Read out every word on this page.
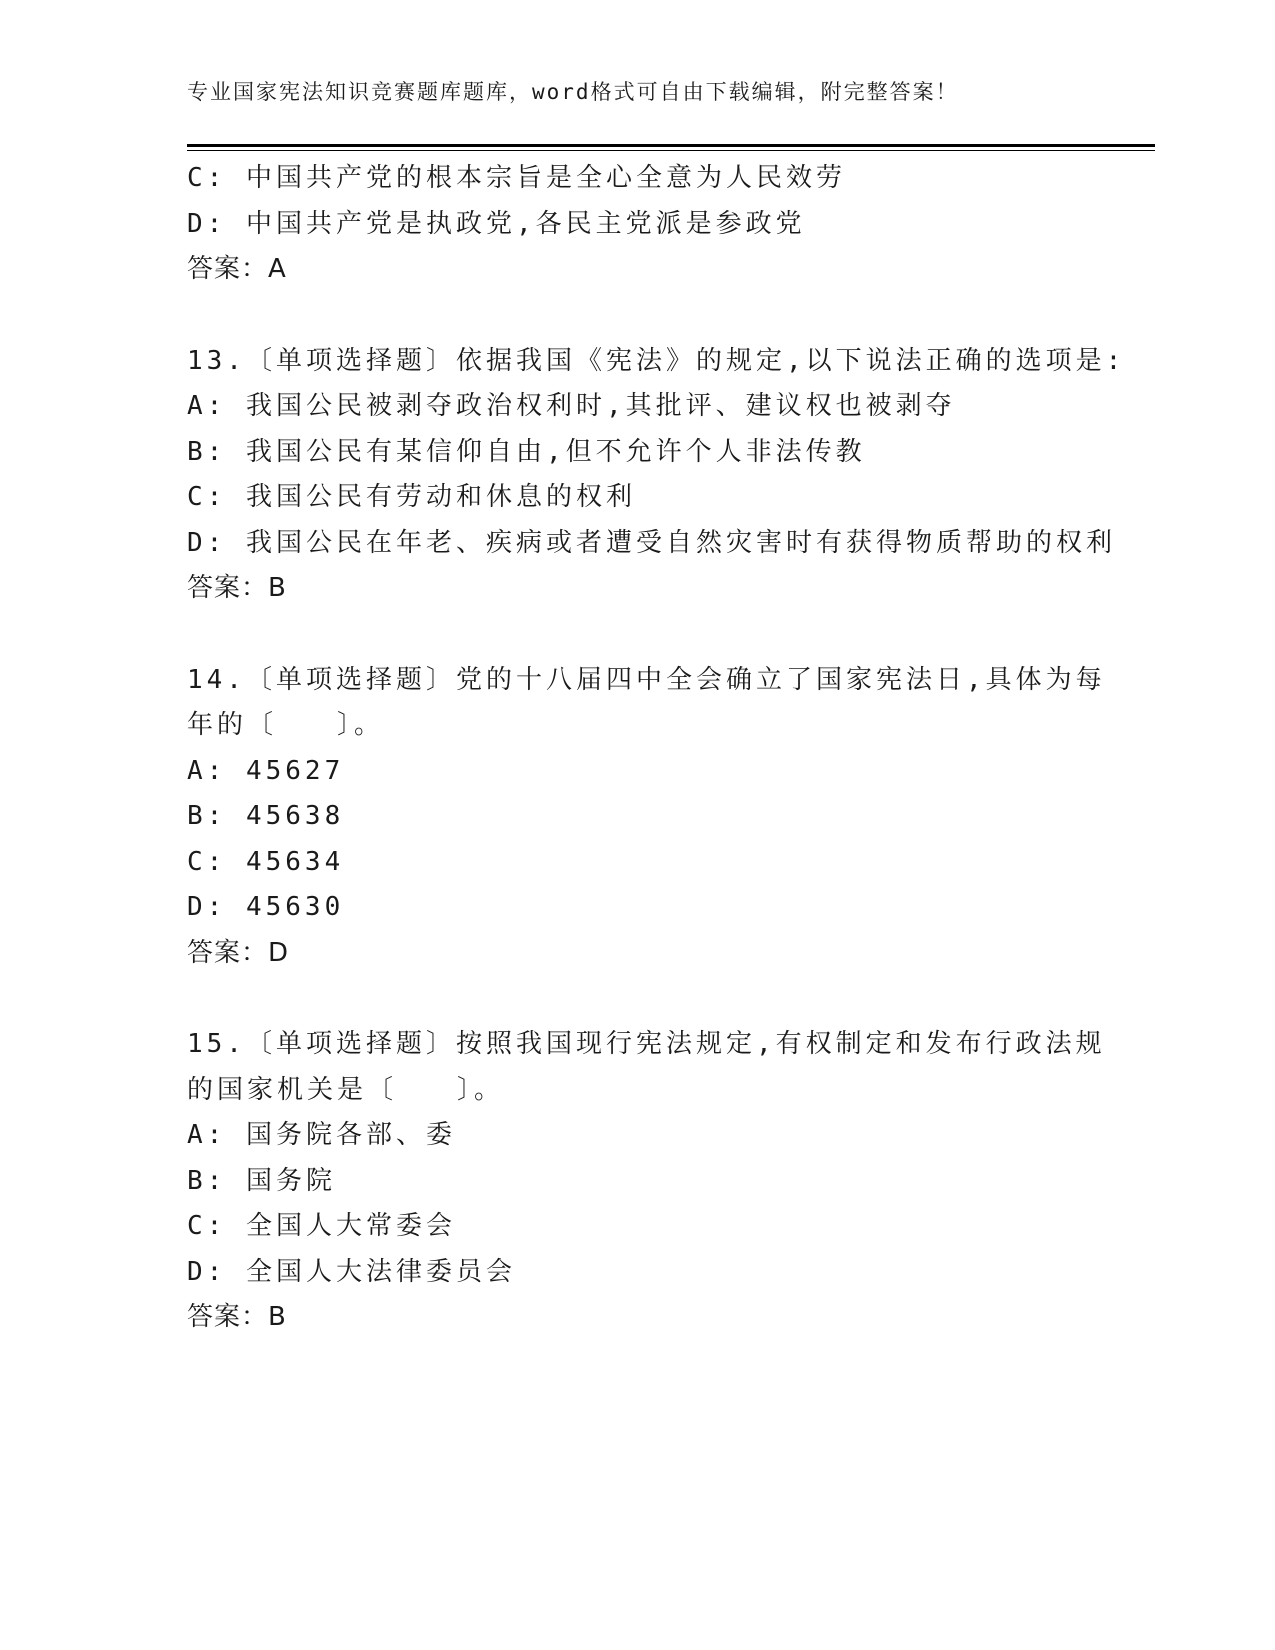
专业国家宪法知识竞赛题库题库，word格式可自由下载编辑，附完整答案！
C: 中国共产党的根本宗旨是全心全意为人民效劳
D: 中国共产党是执政党,各民主党派是参政党
答案：A
13.〔单项选择题〕依据我国《宪法》的规定,以下说法正确的选项是:
A: 我国公民被剥夺政治权利时,其批评、建议权也被剥夺
B: 我国公民有某信仰自由,但不允许个人非法传教
C: 我国公民有劳动和休息的权利
D: 我国公民在年老、疾病或者遭受自然灾害时有获得物质帮助的权利
答案：B
14.〔单项选择题〕党的十八届四中全会确立了国家宪法日,具体为每
年的〔　　〕。
A: 45627
B: 45638
C: 45634
D: 45630
答案：D
15.〔单项选择题〕按照我国现行宪法规定,有权制定和发布行政法规
的国家机关是〔　　〕。
A: 国务院各部、委
B: 国务院
C: 全国人大常委会
D: 全国人大法律委员会
答案：B
